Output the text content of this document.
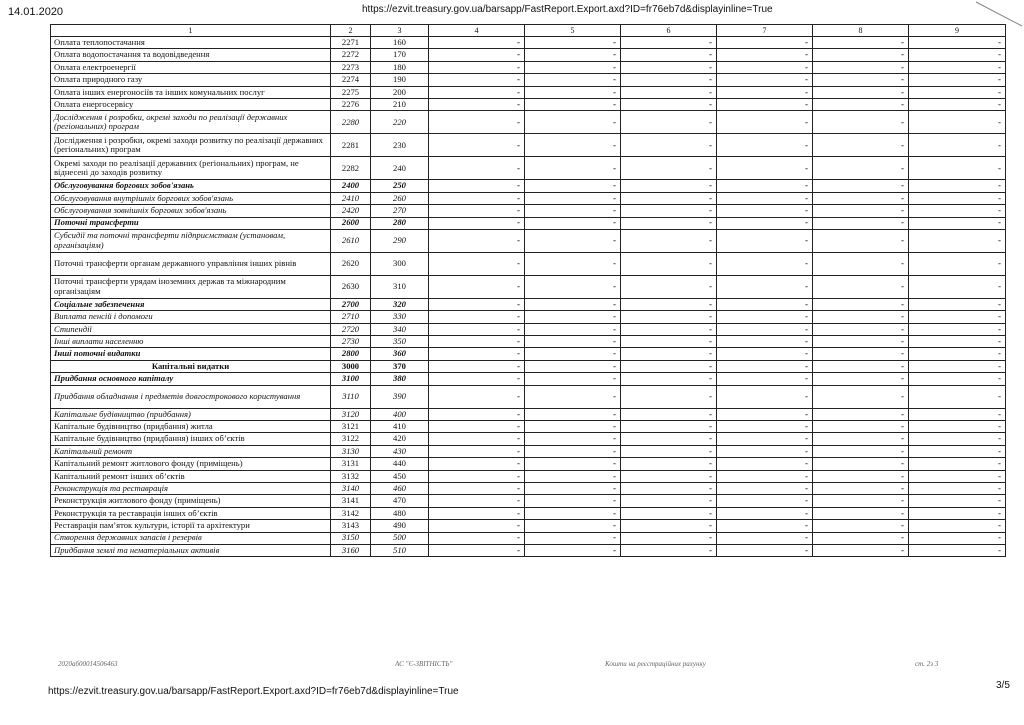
14.01.2020	https://ezvit.treasury.gov.ua/barsapp/FastReport.Export.axd?ID=fr76eb7d&displayinline=True
1	2	3	4	5	6	7	8	9
Оплата теплопостачання	2271	160	-	-	-	-	-	-
Оплата водопостачання та водовідведення	2272	170	-	-	-	-	-	-
Оплата електроенергії	2273	180	-	-	-	-	-	-
Оплата природного газу	2274	190	-	-	-	-	-	-
Оплата інших енергоносіїв та інших комунальних послуг	2275	200	-	-	-	-	-	-
Оплата енергосервісу	2276	210	-	-	-	-	-	-
Дослідження і розробки, окремі заходи по реалізації державних (регіональних) програм	2280	220	-	-	-	-	-	-
Дослідження і розробки, окремі заходи розвитку по реалізації державних (регіональних) програм	2281	230	-	-	-	-	-	-
Окремі заходи по реалізації державних (регіональних) програм, не віднесені до заходів розвитку	2282	240	-	-	-	-	-	-
Обслуговування боргових зобов'язань	2400	250	-	-	-	-	-	-
Обслуговування внутрішніх боргових зобов'язань	2410	260	-	-	-	-	-	-
Обслуговування зовнішніх боргових зобов'язань	2420	270	-	-	-	-	-	-
Поточні трансферти	2600	280	-	-	-	-	-	-
Субсидії та поточні трансферти підприємствам (установам, організаціям)	2610	290	-	-	-	-	-	-
Поточні трансферти органам державного управління інших рівнів	2620	300	-	-	-	-	-	-
Поточні трансферти урядам іноземних держав та міжнародним організаціям	2630	310	-	-	-	-	-	-
Соціальне забезпечення	2700	320	-	-	-	-	-	-
Виплата пенсій і допомоги	2710	330	-	-	-	-	-	-
Стипендії	2720	340	-	-	-	-	-	-
Інші виплати населенню	2730	350	-	-	-	-	-	-
Інші поточні видатки	2800	360	-	-	-	-	-	-
Капітальні видатки	3000	370	-	-	-	-	-	-
Придбання основного капіталу	3100	380	-	-	-	-	-	-
Придбання обладнання і предметів довгострокового користування	3110	390	-	-	-	-	-	-
Капітальне будівництво (придбання)	3120	400	-	-	-	-	-	-
Капітальне будівництво (придбання) житла	3121	410	-	-	-	-	-	-
Капітальне будівництво (придбання) інших об’єктів	3122	420	-	-	-	-	-	-
Капітальний ремонт	3130	430	-	-	-	-	-	-
Капітальний ремонт житлового фонду (приміщень)	3131	440	-	-	-	-	-	-
Капітальний ремонт інших об’єктів	3132	450	-	-	-	-	-	-
Реконструкція та реставрація	3140	460	-	-	-	-	-	-
Реконструкція житлового фонду (приміщень)	3141	470	-	-	-	-	-	-
Реконструкція та реставрація інших об’єктів	3142	480	-	-	-	-	-	-
Реставрація пам’яток культури, історії та архітектури	3143	490	-	-	-	-	-	-
Створення державних запасів і резервів	3150	500	-	-	-	-	-	-
Придбання землі та нематеріальних активів	3160	510	-	-	-	-	-	-
2020аб00014506463	АС "Є-ЗВІТНІСТЬ"	Кошти на реєстраційних рахунку	ст. 2з 3
https://ezvit.treasury.gov.ua/barsapp/FastReport.Export.axd?ID=fr76eb7d&displayinline=True
3/5
